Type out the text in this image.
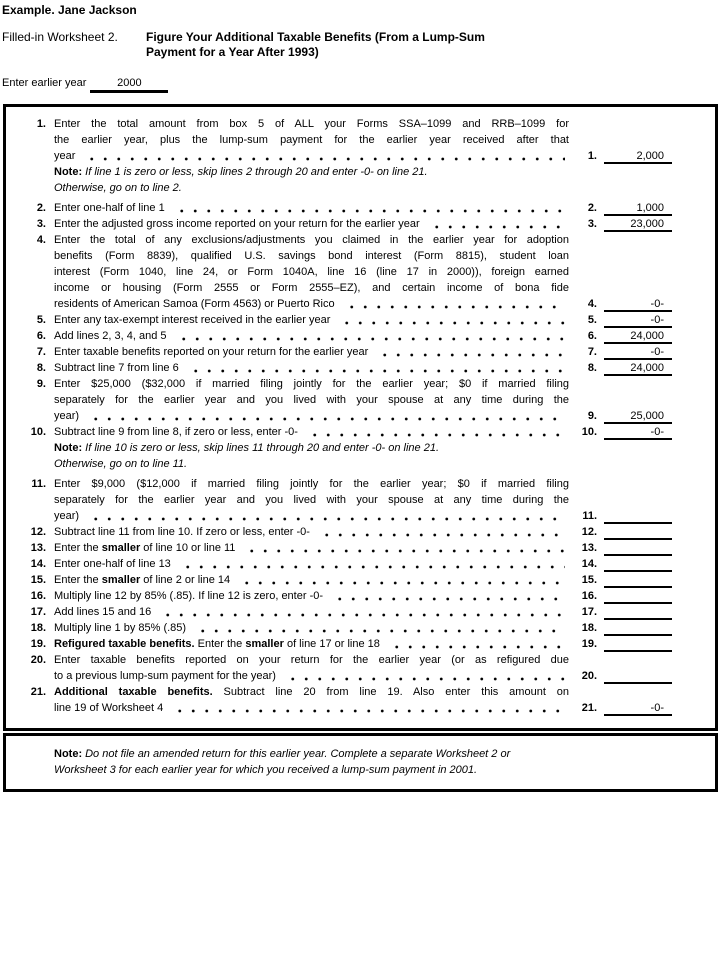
Example. Jane Jackson
Filled-in Worksheet 2.	Figure Your Additional Taxable Benefits (From a Lump-Sum
Payment for a Year After 1993)
Enter earlier year	2000
1. Enter the total amount from box 5 of ALL your Forms SSA–1099 and RRB–1099 for
the earlier year, plus the lump-sum payment for the earlier year received after that
year	1.	2,000
Note: If line 1 is zero or less, skip lines 2 through 20 and enter -0- on line 21.
Otherwise, go on to line 2.
2. Enter one-half of line 1	2.	1,000
3. Enter the adjusted gross income reported on your return for the earlier year	3.	23,000
4. Enter the total of any exclusions/adjustments you claimed in the earlier year for adoption
benefits (Form 8839), qualified U.S. savings bond interest (Form 8815), student loan
interest (Form 1040, line 24, or Form 1040A, line 16 (line 17 in 2000)), foreign earned
income or housing (Form 2555 or Form 2555–EZ), and certain income of bona fide
residents of American Samoa (Form 4563) or Puerto Rico	4.	-0-
5. Enter any tax-exempt interest received in the earlier year	5.	-0-
6. Add lines 2, 3, 4, and 5	6.	24,000
7. Enter taxable benefits reported on your return for the earlier year	7.	-0-
8. Subtract line 7 from line 6	8.	24,000
9. Enter $25,000 ($32,000 if married filing jointly for the earlier year; $0 if married filing
separately for the earlier year and you lived with your spouse at any time during the
year)	9.	25,000
10. Subtract line 9 from line 8, if zero or less, enter -0-	10.	-0-
Note: If line 10 is zero or less, skip lines 11 through 20 and enter -0- on line 21.
Otherwise, go on to line 11.
11. Enter $9,000 ($12,000 if married filing jointly for the earlier year; $0 if married filing
separately for the earlier year and you lived with your spouse at any time during the
year)	11.
12. Subtract line 11 from line 10. If zero or less, enter -0-	12.
13. Enter the smaller of line 10 or line 11	13.
14. Enter one-half of line 13	14.
15. Enter the smaller of line 2 or line 14	15.
16. Multiply line 12 by 85% (.85). If line 12 is zero, enter -0-	16.
17. Add lines 15 and 16	17.
18. Multiply line 1 by 85% (.85)	18.
19. Refigured taxable benefits. Enter the smaller of line 17 or line 18	19.
20. Enter taxable benefits reported on your return for the earlier year (or as refigured due
to a previous lump-sum payment for the year)	20.
21. Additional taxable benefits. Subtract line 20 from line 19. Also enter this amount on
line 19 of Worksheet 4	21.	-0-
Note: Do not file an amended return for this earlier year. Complete a separate Worksheet 2 or
Worksheet 3 for each earlier year for which you received a lump-sum payment in 2001.
